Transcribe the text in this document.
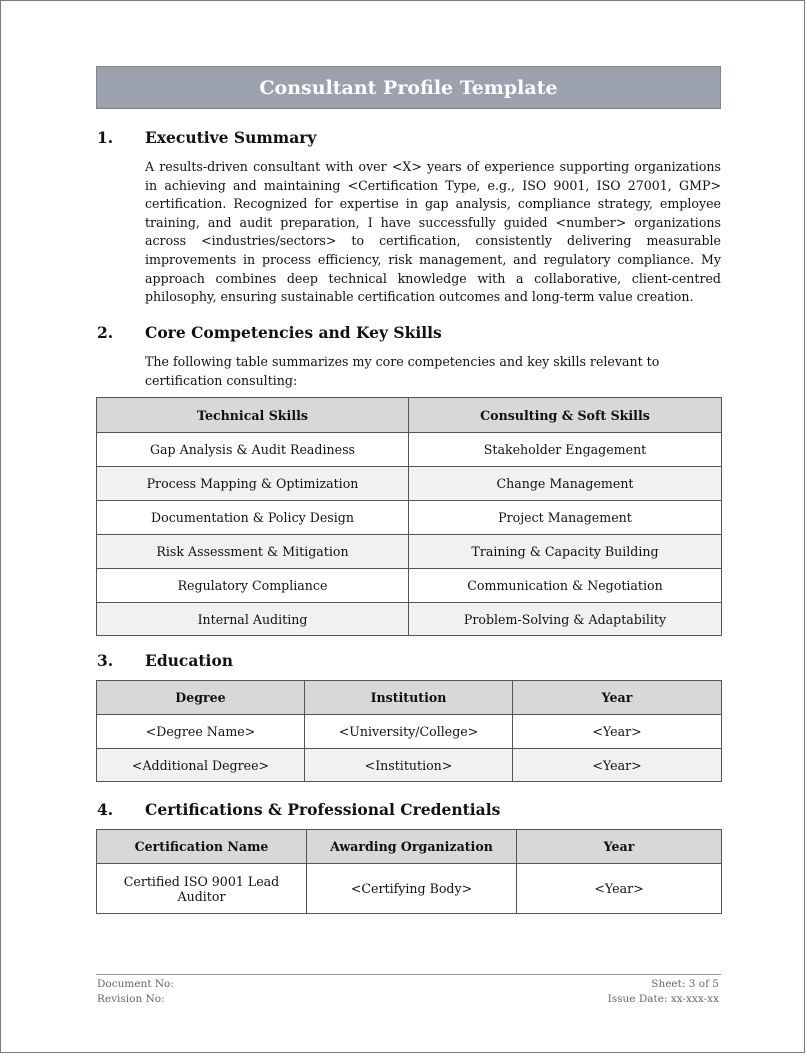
Consultant Profile Template
1.	Executive Summary
A results-driven consultant with over <X> years of experience supporting organizations in achieving and maintaining <Certification Type, e.g., ISO 9001, ISO 27001, GMP> certification. Recognized for expertise in gap analysis, compliance strategy, employee training, and audit preparation, I have successfully guided <number> organizations across <industries/sectors> to certification, consistently delivering measurable improvements in process efficiency, risk management, and regulatory compliance. My approach combines deep technical knowledge with a collaborative, client-centred philosophy, ensuring sustainable certification outcomes and long-term value creation.
2.	Core Competencies and Key Skills
The following table summarizes my core competencies and key skills relevant to certification consulting:
Technical Skills	Consulting & Soft Skills
Gap Analysis & Audit Readiness	Stakeholder Engagement
Process Mapping & Optimization	Change Management
Documentation & Policy Design	Project Management
Risk Assessment & Mitigation	Training & Capacity Building
Regulatory Compliance	Communication & Negotiation
Internal Auditing	Problem-Solving & Adaptability
3.	Education
Degree	Institution	Year
<Degree Name>	<University/College>	<Year>
<Additional Degree>	<Institution>	<Year>
4.	Certifications & Professional Credentials
Certification Name	Awarding Organization	Year
Certified ISO 9001 Lead Auditor	<Certifying Body>	<Year>
Document No:
Revision No:
Sheet: 3 of 5
Issue Date: xx-xxx-xx
